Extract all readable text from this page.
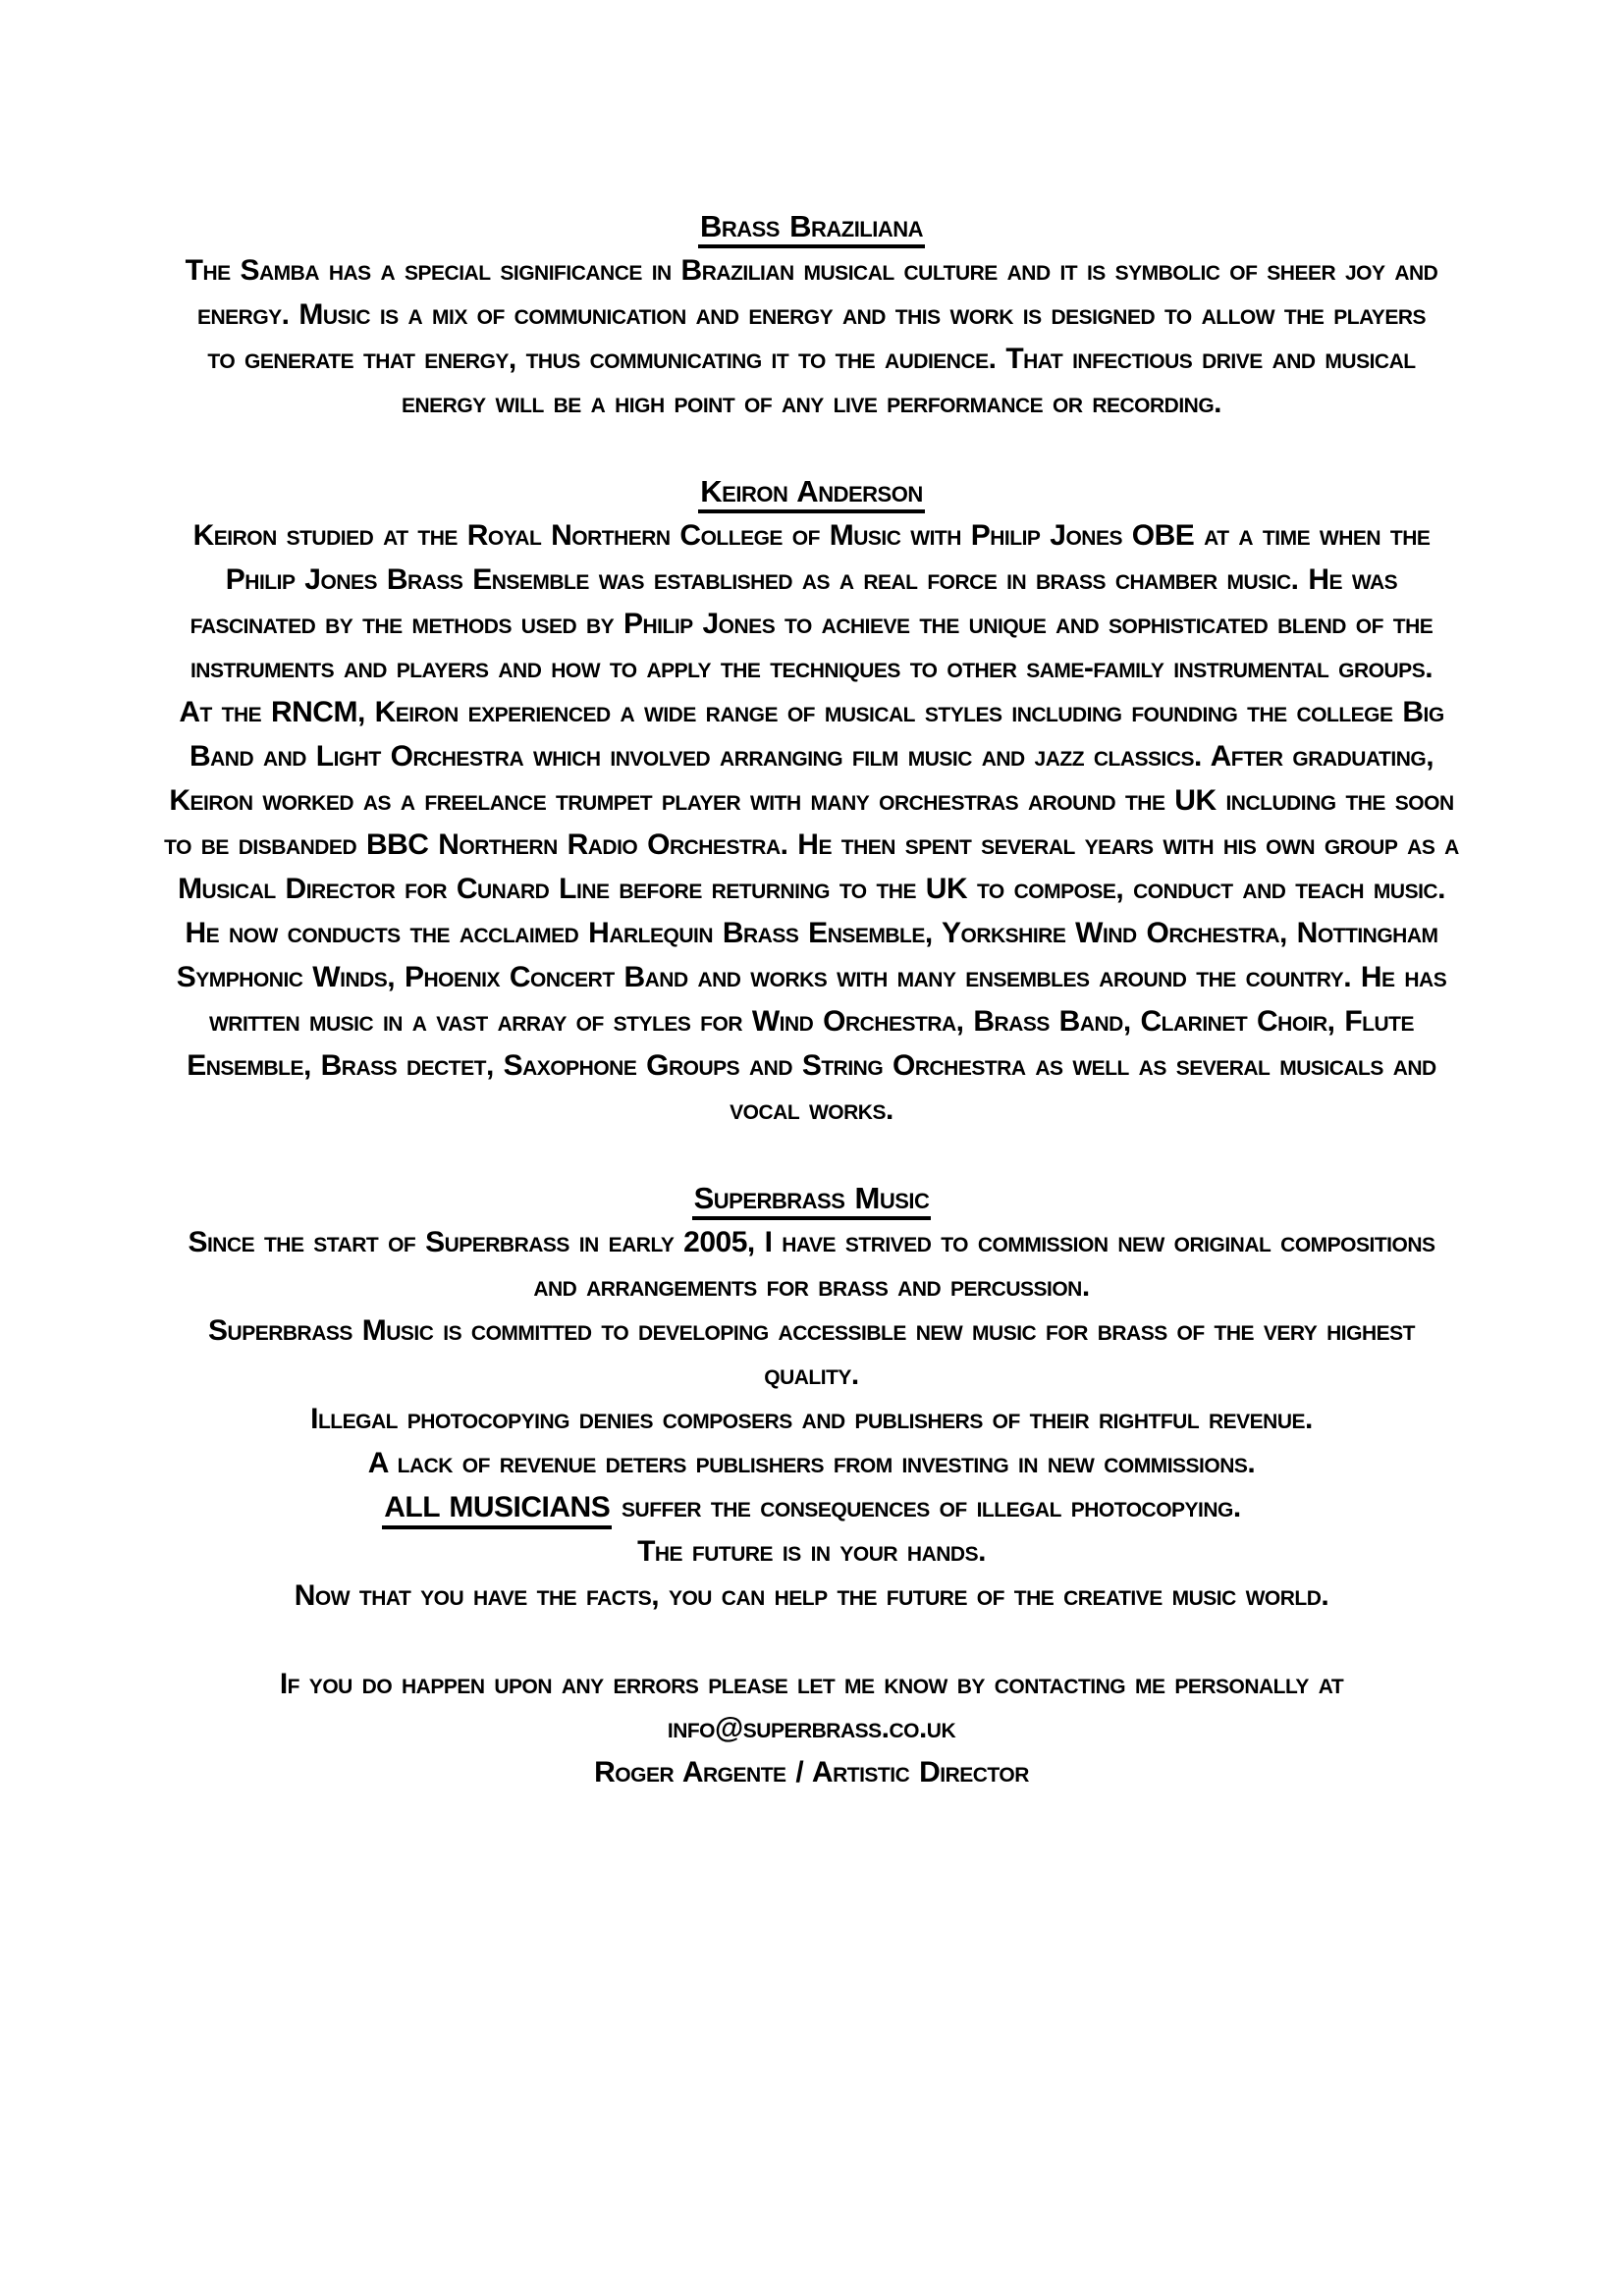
Brass Braziliana
The Samba has a special significance in Brazilian musical culture and it is symbolic of sheer joy and
energy. Music is a mix of communication and energy and this work is designed to allow the players
to generate that energy, thus communicating it to the audience. That infectious drive and musical
energy will be a high point of any live performance or recording.
Keiron Anderson
Keiron studied at the Royal Northern College of Music with Philip Jones OBE at a time when the
Philip Jones Brass Ensemble was established as a real force in brass chamber music. He was
fascinated by the methods used by Philip Jones to achieve the unique and sophisticated blend of the
instruments and players and how to apply the techniques to other same-family instrumental groups.
At the RNCM, Keiron experienced a wide range of musical styles including founding the college Big
Band and Light Orchestra which involved arranging film music and jazz classics. After graduating,
Keiron worked as a freelance trumpet player with many orchestras around the UK including the soon
to be disbanded BBC Northern Radio Orchestra. He then spent several years with his own group as a
Musical Director for Cunard Line before returning to the UK to compose, conduct and teach music.
He now conducts the acclaimed Harlequin Brass Ensemble, Yorkshire Wind Orchestra, Nottingham
Symphonic Winds, Phoenix Concert Band and works with many ensembles around the country. He has
written music in a vast array of styles for Wind Orchestra, Brass Band, Clarinet Choir, Flute
Ensemble, Brass dectet, Saxophone Groups and String Orchestra as well as several musicals and
vocal works.
Superbrass Music
Since the start of Superbrass in early 2005, I have strived to commission new original compositions
and arrangements for brass and percussion.
Superbrass Music is committed to developing accessible new music for brass of the very highest
quality.
Illegal photocopying denies composers and publishers of their rightful revenue.
A lack of revenue deters publishers from investing in new commissions.
ALL MUSICIANS suffer the consequences of illegal photocopying.
The future is in your hands.
Now that you have the facts, you can help the future of the creative music world.
If you do happen upon any errors please let me know by contacting me personally at
info@superbrass.co.uk
Roger Argente / Artistic Director
